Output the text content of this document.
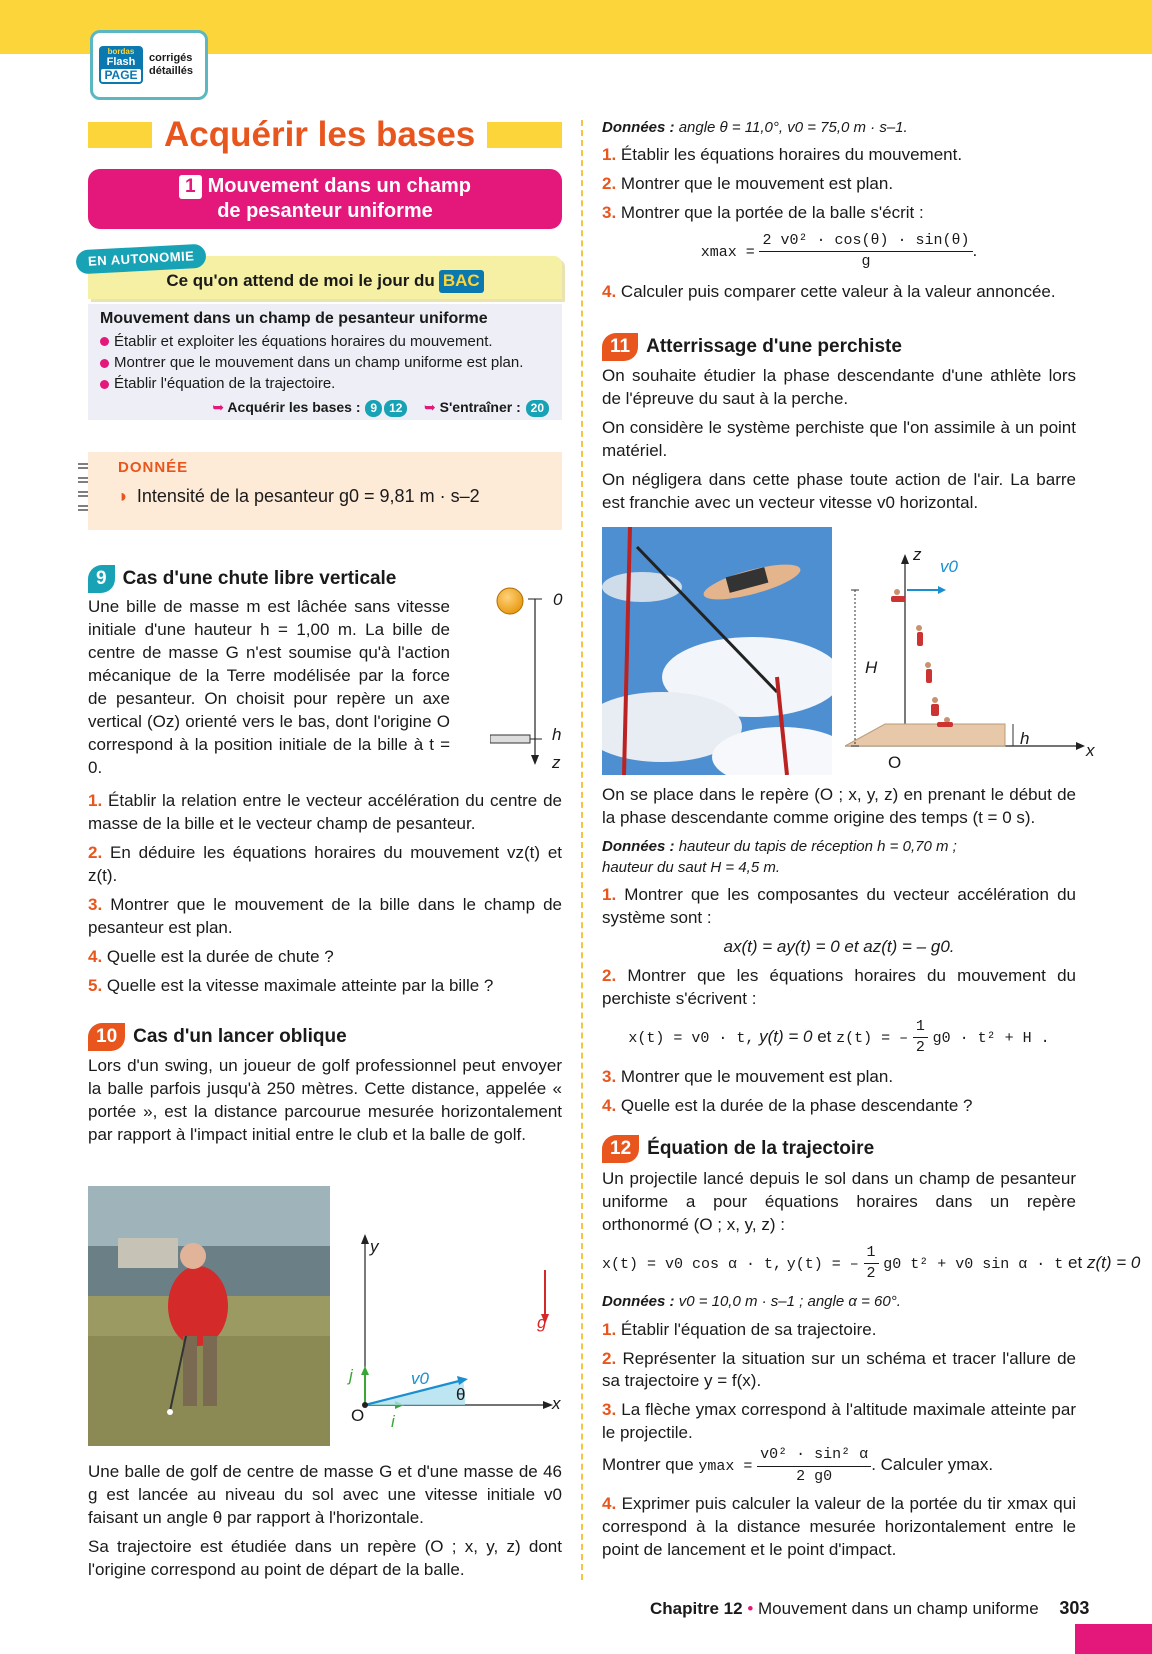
bordas
Flash
PAGE
corrigés
détaillés
Acquérir les bases
1 Mouvement dans un champ
de pesanteur uniforme
EN AUTONOMIE
Ce qu'on attend de moi le jour du BAC
Mouvement dans un champ de pesanteur uniforme
Établir et exploiter les équations horaires du mouvement.
Montrer que le mouvement dans un champ uniforme est plan.
Établir l'équation de la trajectoire.
➥ Acquérir les bases : 9 12 ➥ S'entraîner : 20
DONNÉE
◗ Intensité de la pesanteur g0 = 9,81 m · s–2
9 Cas d'une chute libre verticale
Une bille de masse m est lâchée sans vitesse initiale d'une hauteur h = 1,00 m. La bille de centre de masse G n'est soumise qu'à l'action mécanique de la Terre modélisée par la force de pesanteur. On choisit pour repère un axe vertical (Oz) orienté vers le bas, dont l'origine O correspond à la position initiale de la bille à t = 0.
0
h
z

1. Établir la relation entre le vecteur accélération du centre de masse de la bille et le vecteur champ de pesanteur.

2. En déduire les équations horaires du mouvement vz(t) et z(t).

3. Montrer que le mouvement de la bille dans le champ de pesanteur est plan.

4. Quelle est la durée de chute ?

5. Quelle est la vitesse maximale atteinte par la bille ?

10 Cas d'un lancer oblique
Lors d'un swing, un joueur de golf professionnel peut envoyer la balle parfois jusqu'à 250 mètres. Cette distance, appelée « portée », est la distance parcourue mesurée horizontalement par rapport à l'impact initial entre le club et la balle de golf.
y
x
O
j
i
v0
g
θ

Une balle de golf de centre de masse G et d'une masse de 46 g est lancée au niveau du sol avec une vitesse initiale v0 faisant un angle θ par rapport à l'horizontale.

Sa trajectoire est étudiée dans un repère (O ; x, y, z) dont l'origine correspond au point de départ de la balle.

Données : angle θ = 11,0°, v0 = 75,0 m · s–1.

1. Établir les équations horaires du mouvement.

2. Montrer que le mouvement est plan.

3. Montrer que la portée de la balle s'écrit :

$xmax = \frac{\text{2 v0² · cos(θ) · sin(θ)}}{g}$ .

4. Calculer puis comparer cette valeur à la valeur annoncée.

11 Atterrissage d'une perchiste

On souhaite étudier la phase descendante d'une athlète lors de l'épreuve du saut à la perche.

On considère le système perchiste que l'on assimile à un point matériel.

On négligera dans cette phase toute action de l'air. La barre est franchie avec un vecteur vitesse v0 horizontal.

z
v0
H
h
O
x

On se place dans le repère (O ; x, y, z) en prenant le début de la phase descendante comme origine des temps (t = 0 s).

Données : hauteur du tapis de réception h = 0,70 m ;
hauteur du saut H = 4,5 m.

1. Montrer que les composantes du vecteur accélération du système sont :

ax(t) = ay(t) = 0 et az(t) = – g0.

2. Montrer que les équations horaires du mouvement du perchiste s'écrivent :

x(t) = v0 · t, y(t) = 0 et z(t) = – $\frac{1}{2} g0 \cdot t^2 + H$ .

3. Montrer que le mouvement est plan.

4. Quelle est la durée de la phase descendante ?

12 Équation de la trajectoire

Un projectile lancé depuis le sol dans un champ de pesanteur uniforme a pour équations horaires dans un repère orthonormé (O ; x, y, z) :

x(t) = v0 cos α · t, y(t) = – $\frac{1}{2} g0$ t² + v0 sin α · t et z(t) = 0

Données : v0 = 10,0 m · s–1 ; angle α = 60°.

1. Établir l'équation de sa trajectoire.

2. Représenter la situation sur un schéma et tracer l'allure de sa trajectoire y = f(x).

3. La flèche ymax correspond à l'altitude maximale atteinte par le projectile.

Montrer que $ymax = \frac{\text{v0² · sin² α}}{2 g0}$ . Calculer ymax.

4. Exprimer puis calculer la valeur de la portée du tir xmax qui correspond à la distance mesurée horizontalement entre le point de lancement et le point d'impact.

Chapitre 12 • Mouvement dans un champ uniforme 303
